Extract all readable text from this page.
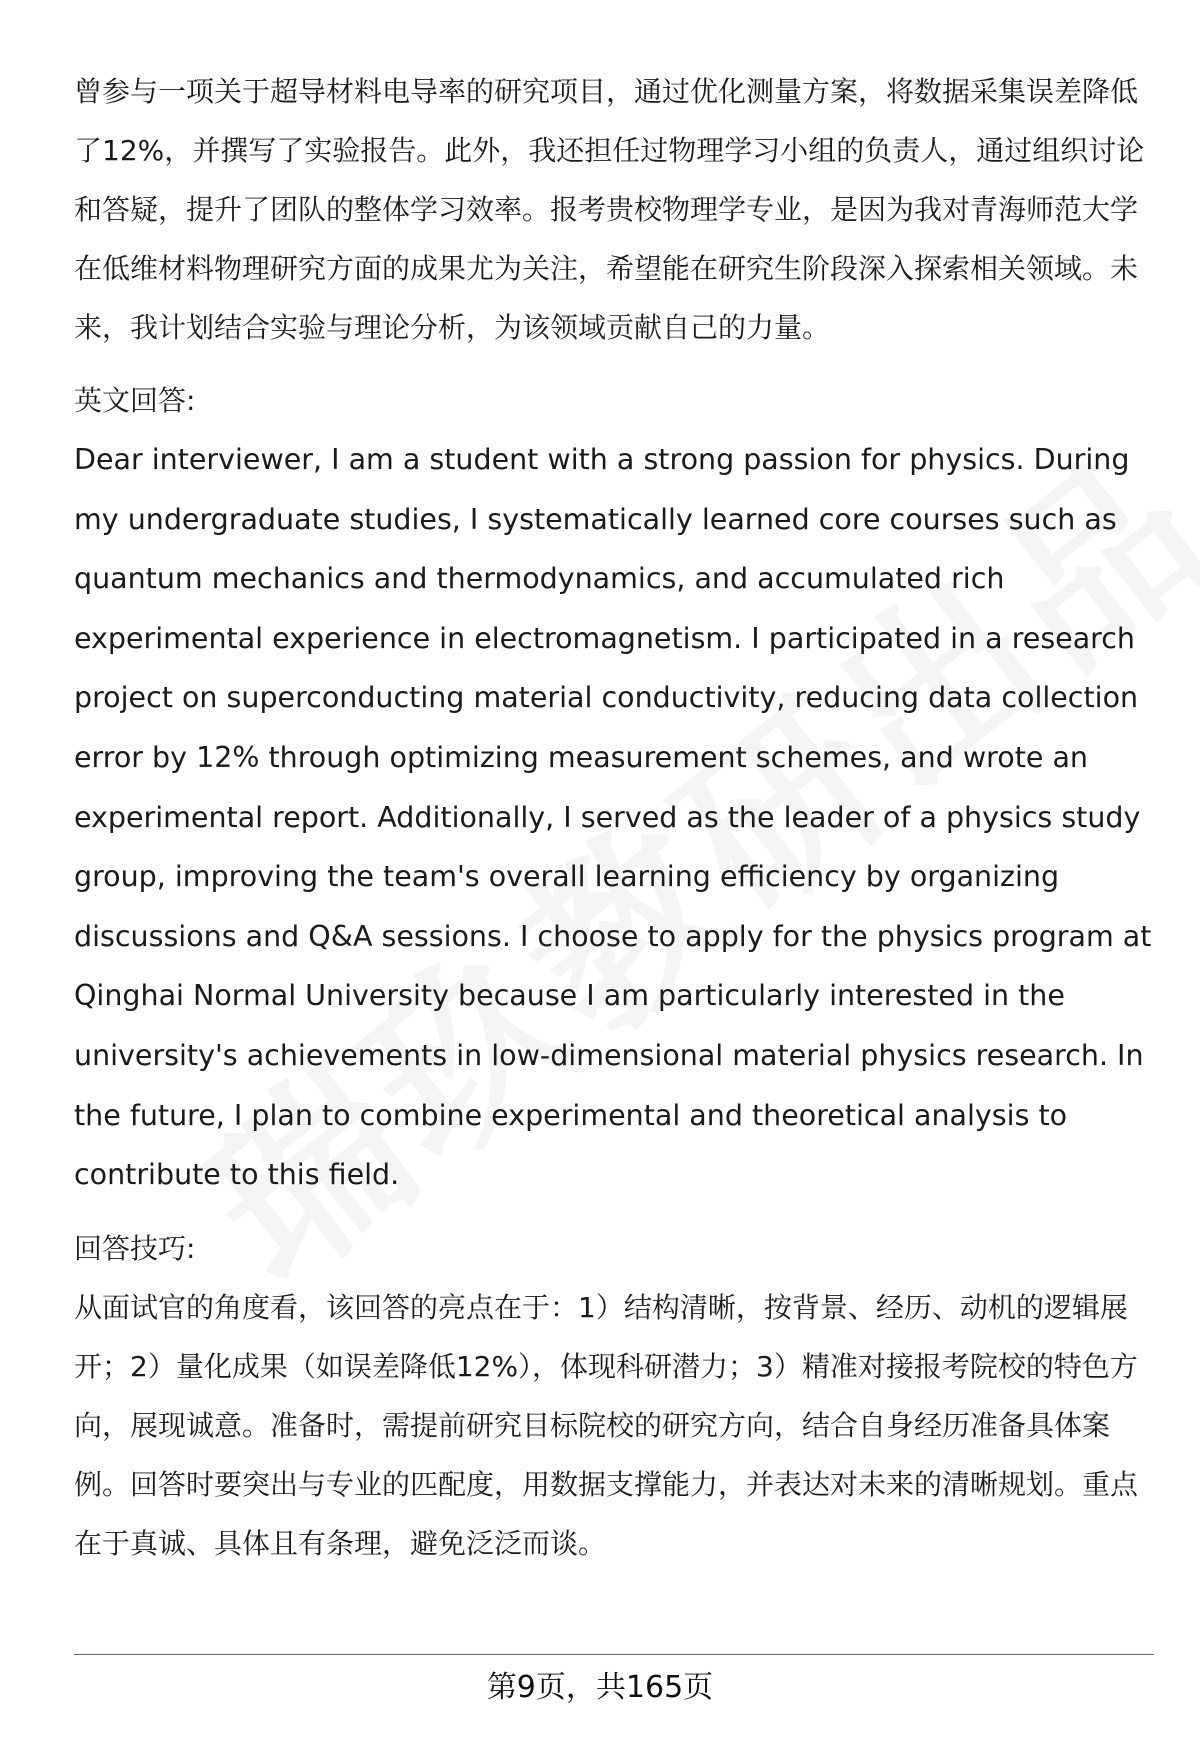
曾参与一项关于超导材料电导率的研究项目，通过优化测量方案，将数据采集误差降低了12%，并撰写了实验报告。此外，我还担任过物理学习小组的负责人，通过组织讨论和答疑，提升了团队的整体学习效率。报考贵校物理学专业，是因为我对青海师范大学在低维材料物理研究方面的成果尤为关注，希望能在研究生阶段深入探索相关领域。未来，我计划结合实验与理论分析，为该领域贡献自己的力量。

英文回答:

Dear interviewer, I am a student with a strong passion for physics. During my undergraduate studies, I systematically learned core courses such as quantum mechanics and thermodynamics, and accumulated rich experimental experience in electromagnetism. I participated in a research project on superconducting material conductivity, reducing data collection error by 12% through optimizing measurement schemes, and wrote an experimental report. Additionally, I served as the leader of a physics study group, improving the team's overall learning efficiency by organizing discussions and Q&A sessions. I choose to apply for the physics program at Qinghai Normal University because I am particularly interested in the university's achievements in low-dimensional material physics research. In the future, I plan to combine experimental and theoretical analysis to contribute to this field.

回答技巧:

从面试官的角度看，该回答的亮点在于：1）结构清晰，按背景、经历、动机的逻辑展开；2）量化成果（如误差降低12%），体现科研潜力；3）精准对接报考院校的特色方向，展现诚意。准备时，需提前研究目标院校的研究方向，结合自身经历准备具体案例。回答时要突出与专业的匹配度，用数据支撑能力，并表达对未来的清晰规划。重点在于真诚、具体且有条理，避免泛泛而谈。

第9页，共165页
